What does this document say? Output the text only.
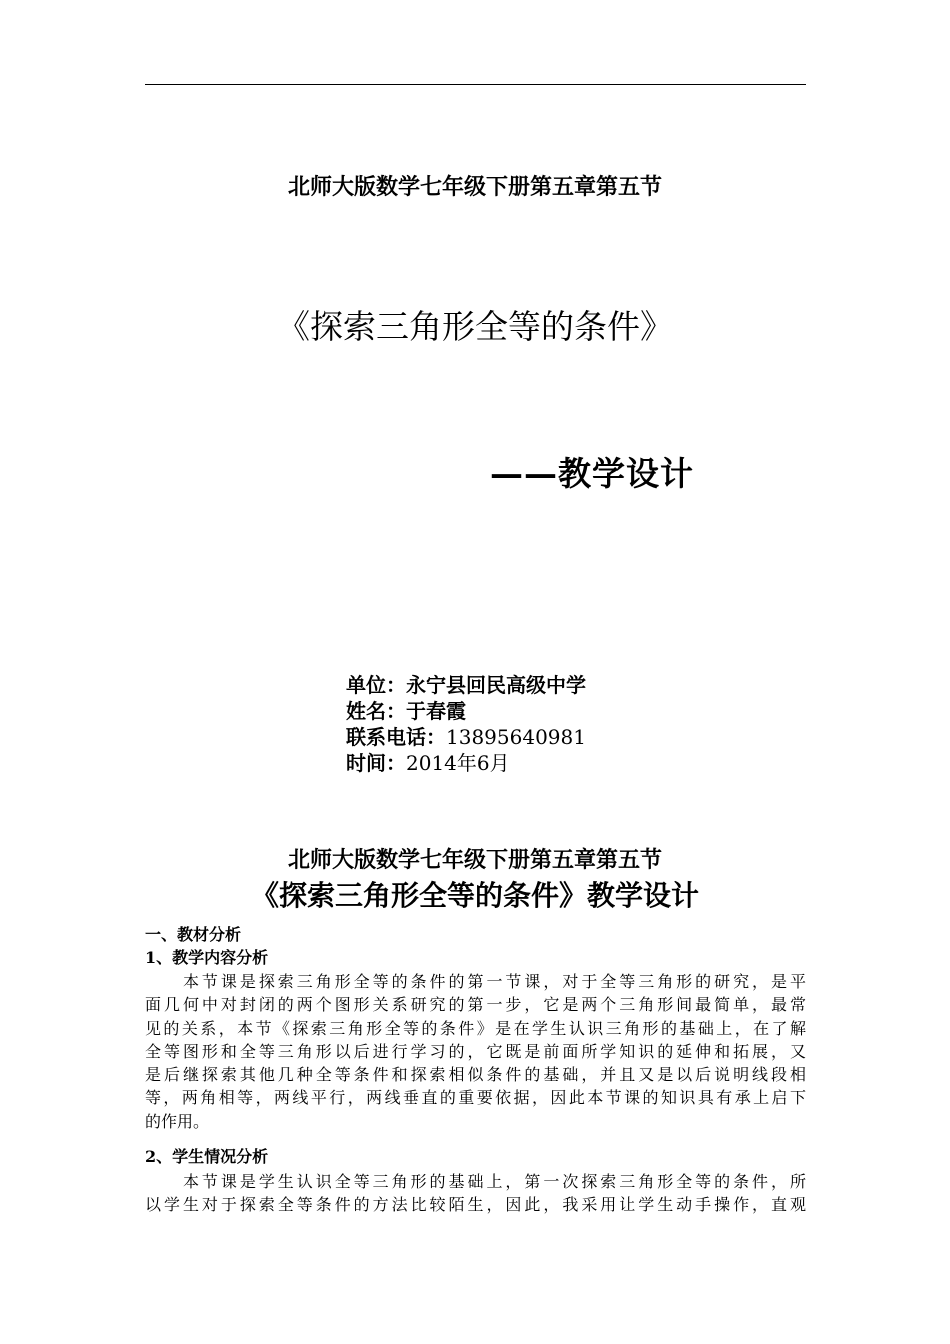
北师大版数学七年级下册第五章第五节
《探索三角形全等的条件》
——教学设计
单位：永宁县回民高级中学
姓名：于春霞
联系电话：13895640981
时间：2014年6月
北师大版数学七年级下册第五章第五节
《探索三角形全等的条件》教学设计
一、教材分析
1、教学内容分析
　　本节课是探索三角形全等的条件的第一节课，对于全等三角形的研究，是平
面几何中对封闭的两个图形关系研究的第一步，它是两个三角形间最简单，最常
见的关系，本节《探索三角形全等的条件》是在学生认识三角形的基础上，在了解
全等图形和全等三角形以后进行学习的，它既是前面所学知识的延伸和拓展，又
是后继探索其他几种全等条件和探索相似条件的基础，并且又是以后说明线段相
等，两角相等，两线平行，两线垂直的重要依据，因此本节课的知识具有承上启下
的作用。
2、学生情况分析
　　本节课是学生认识全等三角形的基础上，第一次探索三角形全等的条件，所
以学生对于探索全等条件的方法比较陌生，因此，我采用让学生动手操作，直观
